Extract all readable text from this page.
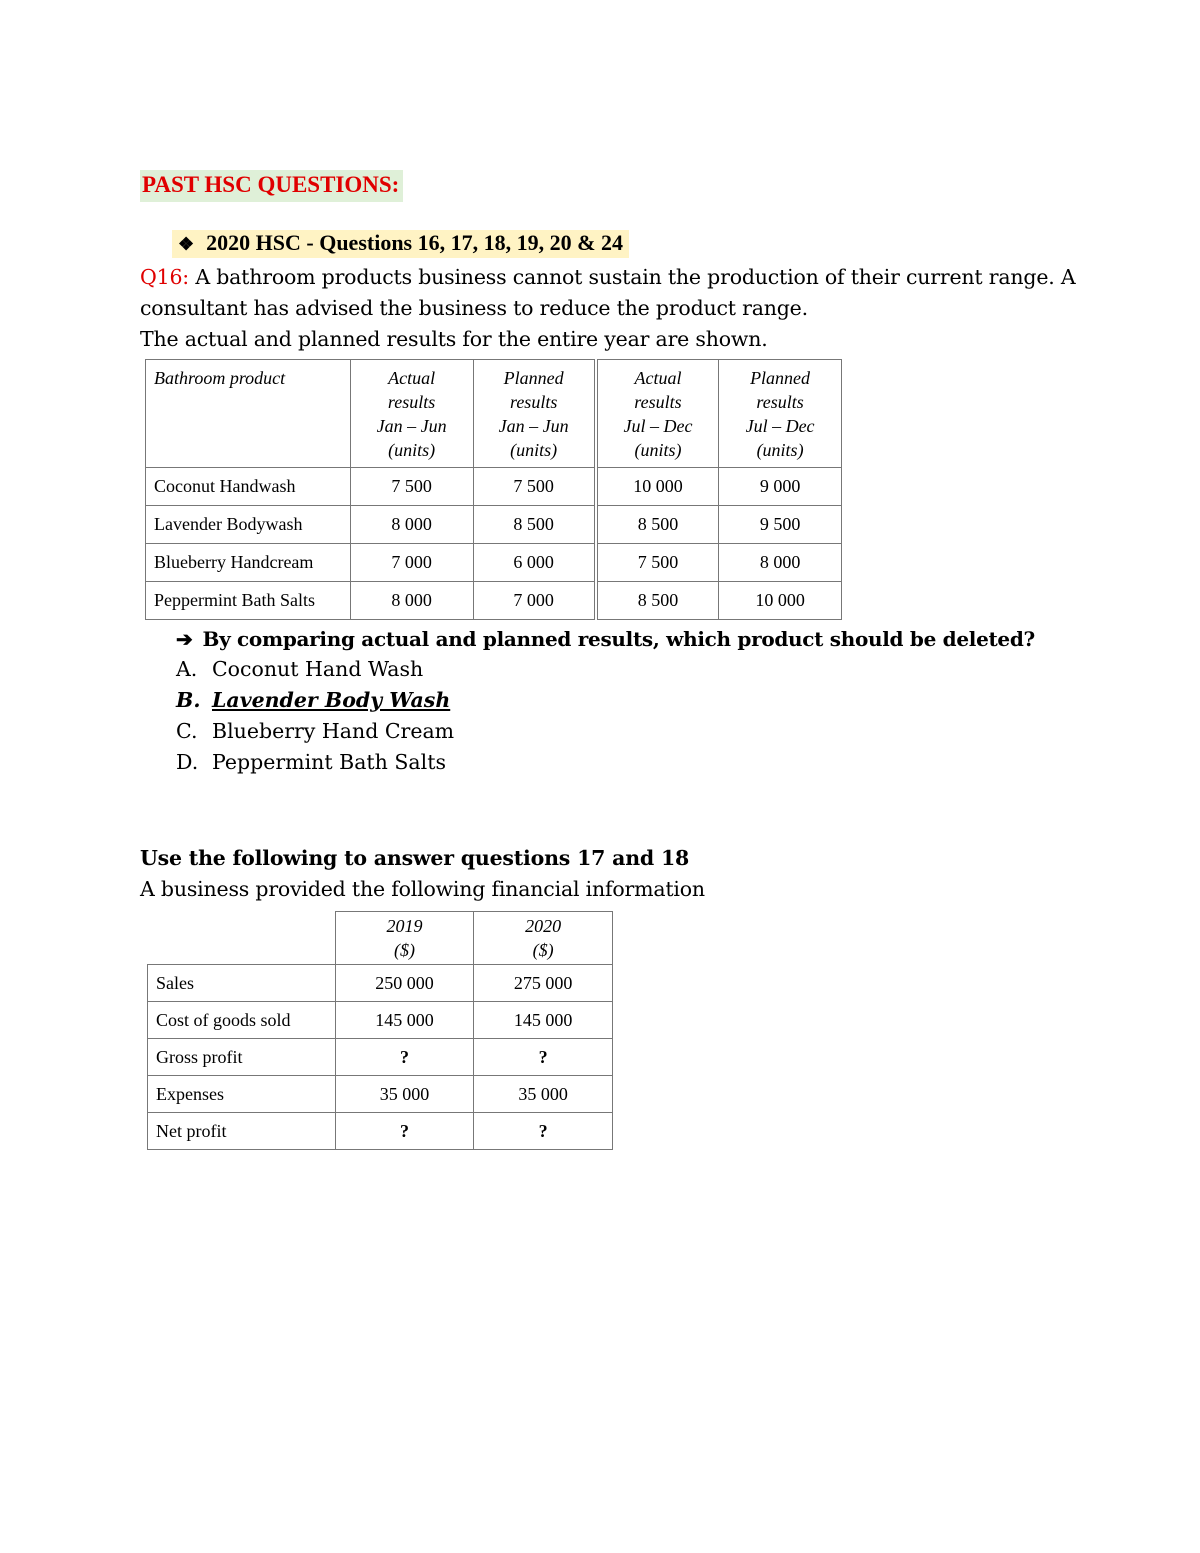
PAST HSC QUESTIONS:
❖ 2020 HSC - Questions 16, 17, 18, 19, 20 & 24
Q16: A bathroom products business cannot sustain the production of their current range. A
consultant has advised the business to reduce the product range.
The actual and planned results for the entire year are shown.
Bathroom product	Actual
results
Jan – Jun
(units)	Planned
results
Jan – Jun
(units)	Actual
results
Jul – Dec
(units)	Planned
results
Jul – Dec
(units)
Coconut Handwash	7 500	7 500	10 000	9 000
Lavender Bodywash	8 000	8 500	8 500	9 500
Blueberry Handcream	7 000	6 000	7 500	8 000
Peppermint Bath Salts	8 000	7 000	8 500	10 000
➔ By comparing actual and planned results, which product should be deleted?
A. Coconut Hand Wash
B. Lavender Body Wash
C. Blueberry Hand Cream
D. Peppermint Bath Salts
Use the following to answer questions 17 and 18
A business provided the following financial information
	2019
($)	2020
($)
Sales	250 000	275 000
Cost of goods sold	145 000	145 000
Gross profit	?	?
Expenses	35 000	35 000
Net profit	?	?
